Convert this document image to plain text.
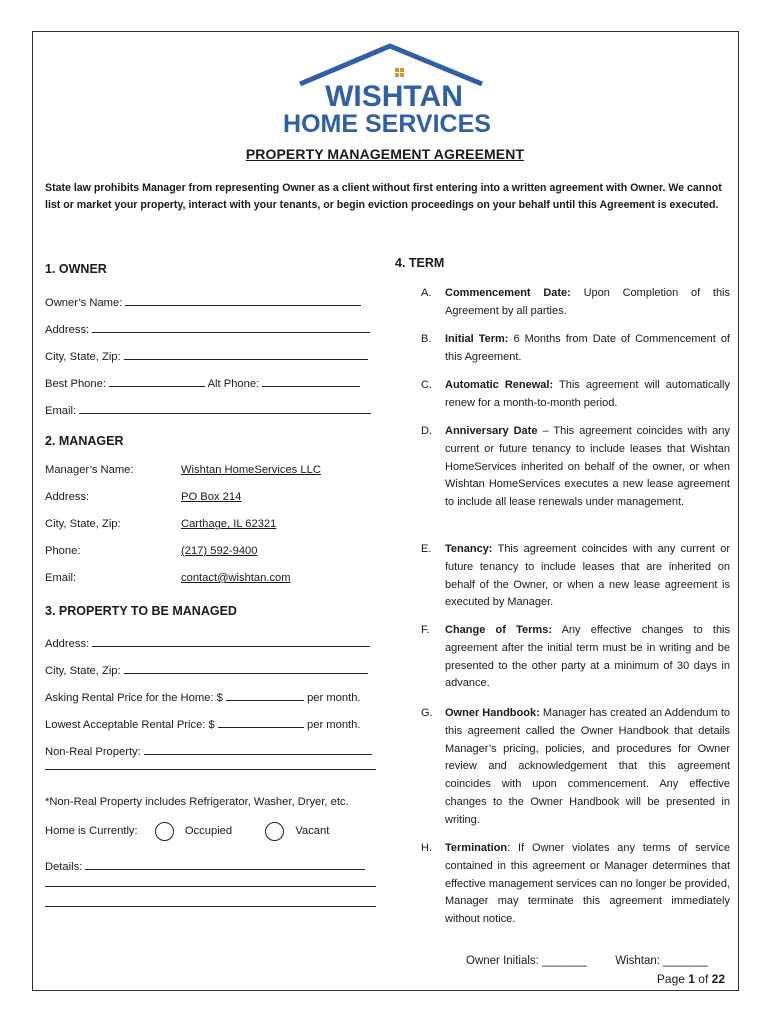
WISHTAN
HOME SERVICES
PROPERTY MANAGEMENT AGREEMENT
State law prohibits Manager from representing Owner as a client without first entering into a written agreement with Owner. We cannot list or market your property, interact with your tenants, or begin eviction proceedings on your behalf until this Agreement is executed.
1. OWNER
Owner’s Name:
Address:
City, State, Zip:
Best Phone:	Alt Phone:
Email:
2. MANAGER
Manager’s Name:	Wishtan HomeServices LLC
Address:	PO Box 214
City, State, Zip:	Carthage, IL 62321
Phone:	(217) 592-9400
Email:	contact@wishtan.com
3. PROPERTY TO BE MANAGED
Address:
City, State, Zip:
Asking Rental Price for the Home: $	per month.
Lowest Acceptable Rental Price: $	per month.
Non-Real Property:
*Non-Real Property includes Refrigerator, Washer, Dryer, etc.
Home is Currently:	Occupied	Vacant
Details:
4. TERM
A. Commencement Date: Upon Completion of this Agreement by all parties.
B. Initial Term: 6 Months from Date of Commencement of this Agreement.
C. Automatic Renewal: This agreement will automatically renew for a month-to-month period.
D. Anniversary Date – This agreement coincides with any current or future tenancy to include leases that Wishtan HomeServices inherited on behalf of the owner, or when Wishtan HomeServices executes a new lease agreement to include all lease renewals under management.
E. Tenancy: This agreement coincides with any current or future tenancy to include leases that are inherited on behalf of the Owner, or when a new lease agreement is executed by Manager.
F. Change of Terms: Any effective changes to this agreement after the initial term must be in writing and be presented to the other party at a minimum of 30 days in advance.
G. Owner Handbook: Manager has created an Addendum to this agreement called the Owner Handbook that details Manager’s pricing, policies, and procedures for Owner review and acknowledgement that this agreement coincides with upon commencement. Any effective changes to the Owner Handbook will be presented in writing.
H. Termination: If Owner violates any terms of service contained in this agreement or Manager determines that effective management services can no longer be provided, Manager may terminate this agreement immediately without notice.
Owner Initials: _______ Wishtan: _______
Page 1 of 22
